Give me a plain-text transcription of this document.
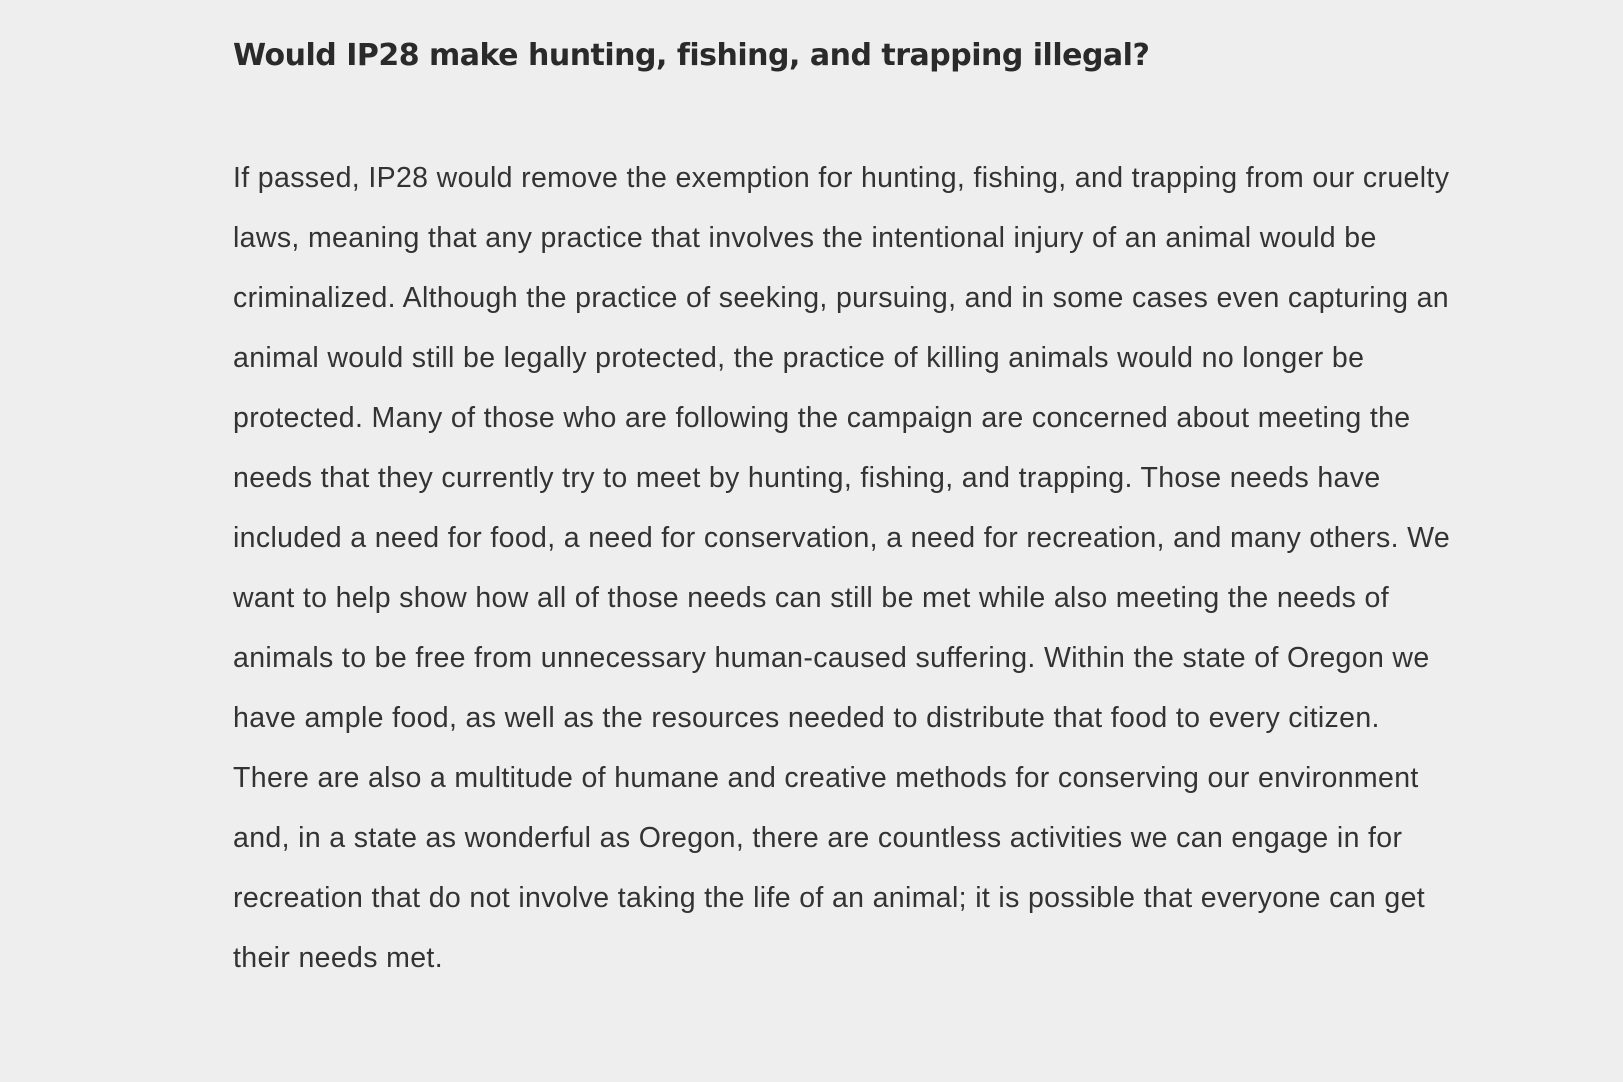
Would IP28 make hunting, fishing, and trapping illegal?

If passed, IP28 would remove the exemption for hunting, fishing, and trapping from our cruelty laws, meaning that any practice that involves the intentional injury of an animal would be criminalized. Although the practice of seeking, pursuing, and in some cases even capturing an animal would still be legally protected, the practice of killing animals would no longer be protected. Many of those who are following the campaign are concerned about meeting the needs that they currently try to meet by hunting, fishing, and trapping. Those needs have included a need for food, a need for conservation, a need for recreation, and many others. We want to help show how all of those needs can still be met while also meeting the needs of animals to be free from unnecessary human-caused suffering. Within the state of Oregon we have ample food, as well as the resources needed to distribute that food to every citizen. There are also a multitude of humane and creative methods for conserving our environment and, in a state as wonderful as Oregon, there are countless activities we can engage in for recreation that do not involve taking the life of an animal; it is possible that everyone can get their needs met.
